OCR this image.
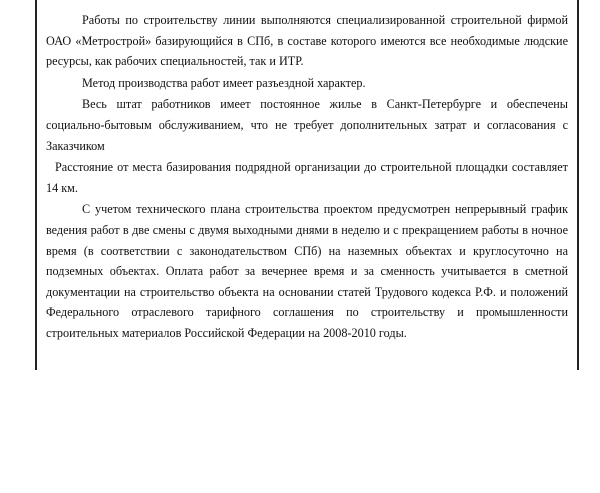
Работы по строительству линии выполняются специализированной строительной фирмой ОАО «Метрострой» базирующийся в СПб, в составе которого имеются все необходимые людские ресурсы, как рабочих специальностей, так и ИТР.

Метод производства работ имеет разъездной характер.

Весь штат работников имеет постоянное жилье в Санкт-Петербурге и обеспечены социально-бытовым обслуживанием, что не требует дополнительных затрат и согласования с Заказчиком

Расстояние от места базирования подрядной организации до строительной площадки составляет 14 км.

С учетом технического плана строительства проектом предусмотрен непрерывный график ведения работ в две смены с двумя выходными днями в неделю и с прекращением работы в ночное время (в соответствии с законодательством СПб) на наземных объектах и круглосуточно на подземных объектах. Оплата работ за вечернее время и за сменность учитывается в сметной документации на строительство объекта на основании статей Трудового кодекса Р.Ф. и положений Федерального отраслевого тарифного соглашения по строительству и промышленности строительных материалов Российской Федерации на 2008-2010 годы.
